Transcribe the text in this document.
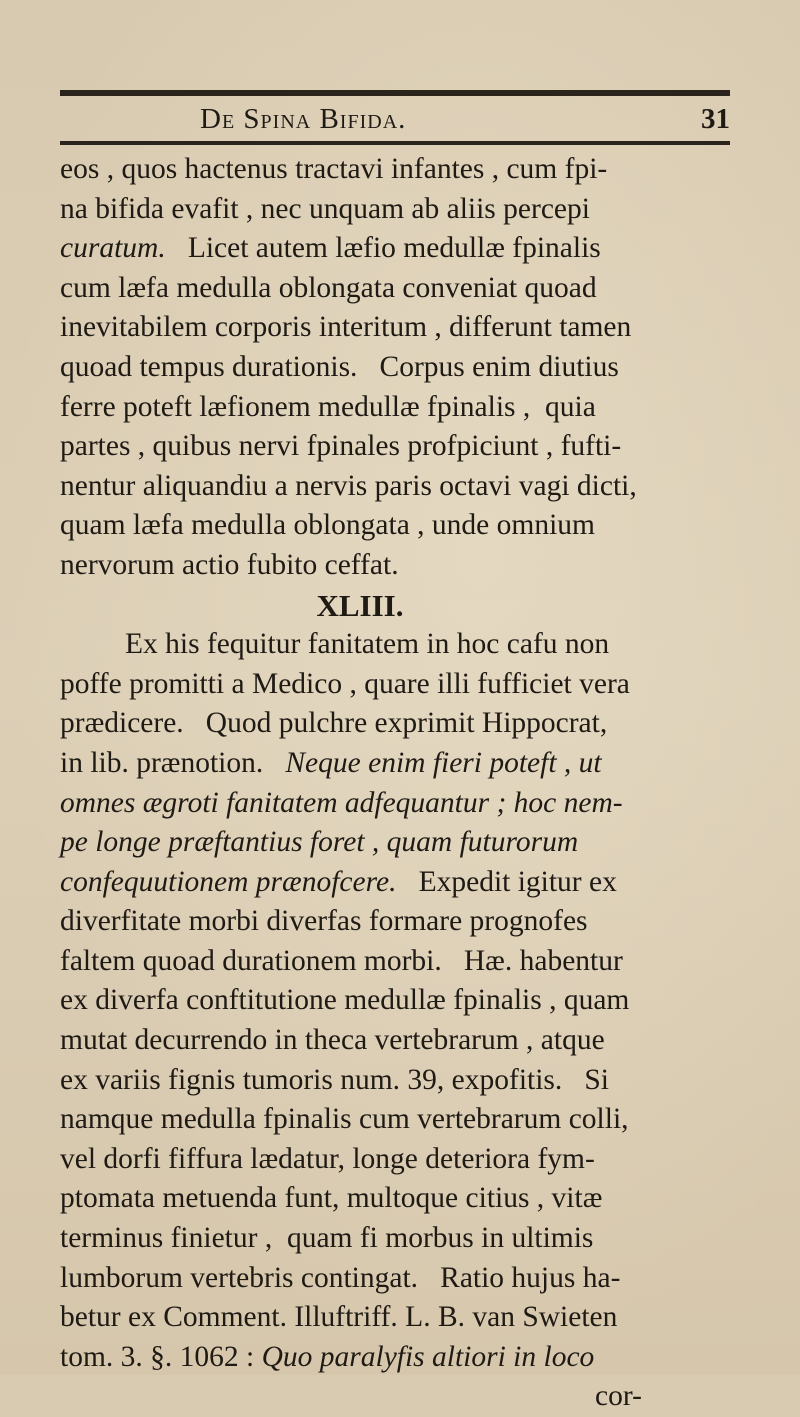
De Spina Bifida.	31
eos , quos hactenus tractavi infantes , cum fpi-
na bifida evafit , nec unquam ab aliis percepi
curatum.   Licet autem læfio medullæ fpinalis
cum læfa medulla oblongata conveniat quoad
inevitabilem corporis interitum , differunt tamen
quoad tempus durationis.   Corpus enim diutius
ferre poteft læfionem medullæ fpinalis ,  quia
partes , quibus nervi fpinales profpiciunt , fufti-
nentur aliquandiu a nervis paris octavi vagi dicti,
quam læfa medulla oblongata , unde omnium
nervorum actio fubito ceffat.
XLIII.
Ex his fequitur fanitatem in hoc cafu non
poffe promitti a Medico , quare illi fufficiet vera
prædicere.   Quod pulchre exprimit Hippocrat,
in lib. prænotion.   Neque enim fieri poteft , ut
omnes ægroti fanitatem adfequantur ; hoc nem-
pe longe præftantius foret , quam futurorum
confequutionem prænofcere.   Expedit igitur ex
diverfitate morbi diverfas formare prognofes
faltem quoad durationem morbi.   Hæ. habentur
ex diverfa conftitutione medullæ fpinalis , quam
mutat decurrendo in theca vertebrarum , atque
ex variis fignis tumoris num. 39, expofitis.   Si
namque medulla fpinalis cum vertebrarum colli,
vel dorfi fiffura lædatur, longe deteriora fym-
ptomata metuenda funt, multoque citius , vitæ
terminus finietur ,  quam fi morbus in ultimis
lumborum vertebris contingat.   Ratio hujus ha-
betur ex Comment. Illuftriff. L. B. van Swieten
tom. 3. §. 1062 : Quo paralyfis altiori in loco
cor-
